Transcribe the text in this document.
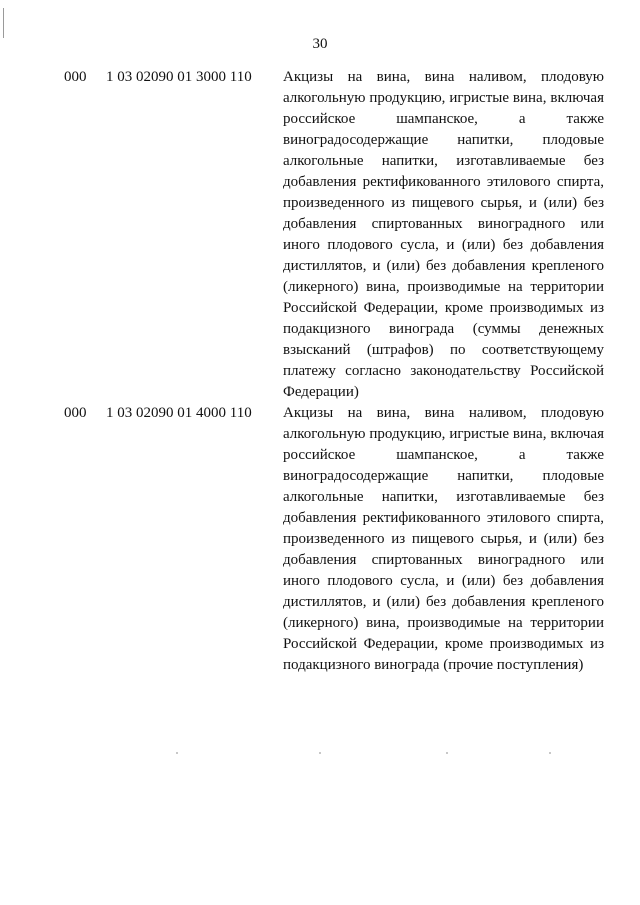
30
000 1 03 02090 01 3000 110 Акцизы на вина, вина наливом, плодовую
алкогольную продукцию, игристые вина, включая
российское шампанское, а также
виноградосодержащие напитки, плодовые
алкогольные напитки, изготавливаемые без
добавления ректификованного этилового спирта,
произведенного из пищевого сырья, и (или) без
добавления спиртованных виноградного или
иного плодового сусла, и (или) без добавления
дистиллятов, и (или) без добавления крепленого
(ликерного) вина, производимые на территории
Российской Федерации, кроме производимых из
подакцизного винограда (суммы денежных
взысканий (штрафов) по соответствующему
платежу согласно законодательству Российской
Федерации)
000 1 03 02090 01 4000 110 Акцизы на вина, вина наливом, плодовую
алкогольную продукцию, игристые вина, включая
российское шампанское, а также
виноградосодержащие напитки, плодовые
алкогольные напитки, изготавливаемые без
добавления ректификованного этилового спирта,
произведенного из пищевого сырья, и (или) без
добавления спиртованных виноградного или
иного плодового сусла, и (или) без добавления
дистиллятов, и (или) без добавления крепленого
(ликерного) вина, производимые на территории
Российской Федерации, кроме производимых из
подакцизного винограда (прочие поступления)
